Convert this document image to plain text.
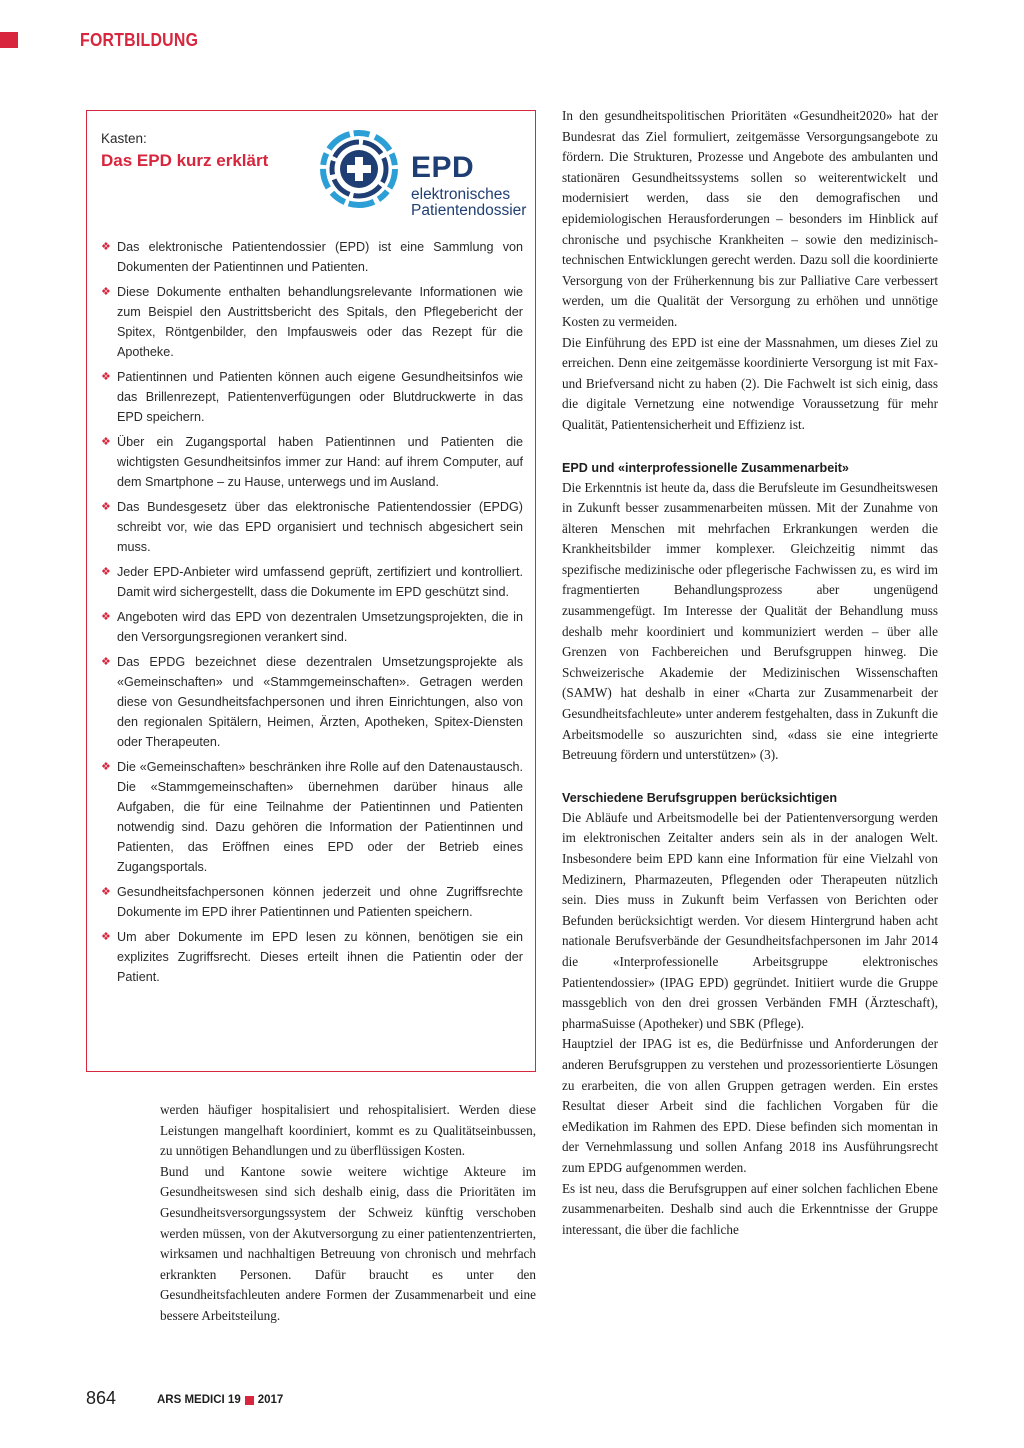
FORTBILDUNG

Kasten:

Das EPD kurz erklärt	EPD

elektronisches
Patientendossier
❖ Das elektronische Patientendossier (EPD) ist eine Sammlung von Dokumenten der Patientinnen und Patienten.
❖ Diese Dokumente enthalten behandlungsrelevante Informationen wie zum Beispiel den Austrittsbericht des Spitals, den Pflegebericht der Spitex, Röntgenbilder, den Impfausweis oder das Rezept für die Apotheke.
❖ Patientinnen und Patienten können auch eigene Gesundheitsinfos wie das Brillenrezept, Patientenverfügungen oder Blutdruckwerte in das EPD speichern.
❖ Über ein Zugangsportal haben Patientinnen und Patienten die wichtigsten Gesundheitsinfos immer zur Hand: auf ihrem Computer, auf dem Smartphone – zu Hause, unterwegs und im Ausland.
❖ Das Bundesgesetz über das elektronische Patientendossier (EPDG) schreibt vor, wie das EPD organisiert und technisch abgesichert sein muss.
❖ Jeder EPD-Anbieter wird umfassend geprüft, zertifiziert und kontrolliert. Damit wird sichergestellt, dass die Dokumente im EPD geschützt sind.
❖ Angeboten wird das EPD von dezentralen Umsetzungsprojekten, die in den Versorgungsregionen verankert sind.
❖ Das EPDG bezeichnet diese dezentralen Umsetzungsprojekte als «Gemeinschaften» und «Stammgemeinschaften». Getragen werden diese von Gesundheitsfachpersonen und ihren Einrichtungen, also von den regionalen Spitälern, Heimen, Ärzten, Apotheken, Spitex-Diensten oder Therapeuten.
❖ Die «Gemeinschaften» beschränken ihre Rolle auf den Datenaustausch. Die «Stammgemeinschaften» übernehmen darüber hinaus alle Aufgaben, die für eine Teilnahme der Patientinnen und Patienten notwendig sind. Dazu gehören die Information der Patientinnen und Patienten, das Eröffnen eines EPD oder der Betrieb eines Zugangsportals.
❖ Gesundheitsfachpersonen können jederzeit und ohne Zugriffsrechte Dokumente im EPD ihrer Patientinnen und Patienten speichern.
❖ Um aber Dokumente im EPD lesen zu können, benötigen sie ein explizites Zugriffsrecht. Dieses erteilt ihnen die Patientin oder der Patient.

werden häufiger hospitalisiert und rehospitalisiert. Werden diese Leistungen mangelhaft koordiniert, kommt es zu Qualitätseinbussen, zu unnötigen Behandlungen und zu überflüssigen Kosten.

Bund und Kantone sowie weitere wichtige Akteure im Gesundheitswesen sind sich deshalb einig, dass die Prioritäten im Gesundheitsversorgungssystem der Schweiz künftig verschoben werden müssen, von der Akutversorgung zu einer patientenzentrierten, wirksamen und nachhaltigen Betreuung von chronisch und mehrfach erkrankten Personen. Dafür braucht es unter den Gesundheitsfachleuten andere Formen der Zusammenarbeit und eine bessere Arbeitsteilung.

In den gesundheitspolitischen Prioritäten «Gesundheit2020» hat der Bundesrat das Ziel formuliert, zeitgemässe Versorgungsangebote zu fördern. Die Strukturen, Prozesse und Angebote des ambulanten und stationären Gesundheitssystems sollen so weiterentwickelt und modernisiert werden, dass sie den demografischen und epidemiologischen Herausforderungen – besonders im Hinblick auf chronische und psychische Krankheiten – sowie den medizinisch-technischen Entwicklungen gerecht werden. Dazu soll die koordinierte Versorgung von der Früherkennung bis zur Palliative Care verbessert werden, um die Qualität der Versorgung zu erhöhen und unnötige Kosten zu vermeiden.

Die Einführung des EPD ist eine der Massnahmen, um dieses Ziel zu erreichen. Denn eine zeitgemässe koordinierte Versorgung ist mit Fax- und Briefversand nicht zu haben (2). Die Fachwelt ist sich einig, dass die digitale Vernetzung eine notwendige Voraussetzung für mehr Qualität, Patientensicherheit und Effizienz ist.

EPD und «interprofessionelle Zusammenarbeit»

Die Erkenntnis ist heute da, dass die Berufsleute im Gesundheitswesen in Zukunft besser zusammenarbeiten müssen. Mit der Zunahme von älteren Menschen mit mehrfachen Erkrankungen werden die Krankheitsbilder immer komplexer. Gleichzeitig nimmt das spezifische medizinische oder pflegerische Fachwissen zu, es wird im fragmentierten Behandlungsprozess aber ungenügend zusammengefügt. Im Interesse der Qualität der Behandlung muss deshalb mehr koordiniert und kommuniziert werden – über alle Grenzen von Fachbereichen und Berufsgruppen hinweg. Die Schweizerische Akademie der Medizinischen Wissenschaften (SAMW) hat deshalb in einer «Charta zur Zusammenarbeit der Gesundheitsfachleute» unter anderem festgehalten, dass in Zukunft die Arbeitsmodelle so auszurichten sind, «dass sie eine integrierte Betreuung fördern und unterstützen» (3).

Verschiedene Berufsgruppen berücksichtigen

Die Abläufe und Arbeitsmodelle bei der Patientenversorgung werden im elektronischen Zeitalter anders sein als in der analogen Welt. Insbesondere beim EPD kann eine Information für eine Vielzahl von Medizinern, Pharmazeuten, Pflegenden oder Therapeuten nützlich sein. Dies muss in Zukunft beim Verfassen von Berichten oder Befunden berücksichtigt werden. Vor diesem Hintergrund haben acht nationale Berufsverbände der Gesundheitsfachpersonen im Jahr 2014 die «Interprofessionelle Arbeitsgruppe elektronisches Patientendossier» (IPAG EPD) gegründet. Initiiert wurde die Gruppe massgeblich von den drei grossen Verbänden FMH (Ärzteschaft), pharmaSuisse (Apotheker) und SBK (Pflege).

Hauptziel der IPAG ist es, die Bedürfnisse und Anforderungen der anderen Berufsgruppen zu verstehen und prozessorientierte Lösungen zu erarbeiten, die von allen Gruppen getragen werden. Ein erstes Resultat dieser Arbeit sind die fachlichen Vorgaben für die eMedikation im Rahmen des EPD. Diese befinden sich momentan in der Vernehmlassung und sollen Anfang 2018 ins Ausführungsrecht zum EPDG aufgenommen werden.

Es ist neu, dass die Berufsgruppen auf einer solchen fachlichen Ebene zusammenarbeiten. Deshalb sind auch die Erkenntnisse der Gruppe interessant, die über die fachliche

864	ARS MEDICI 19 2017
